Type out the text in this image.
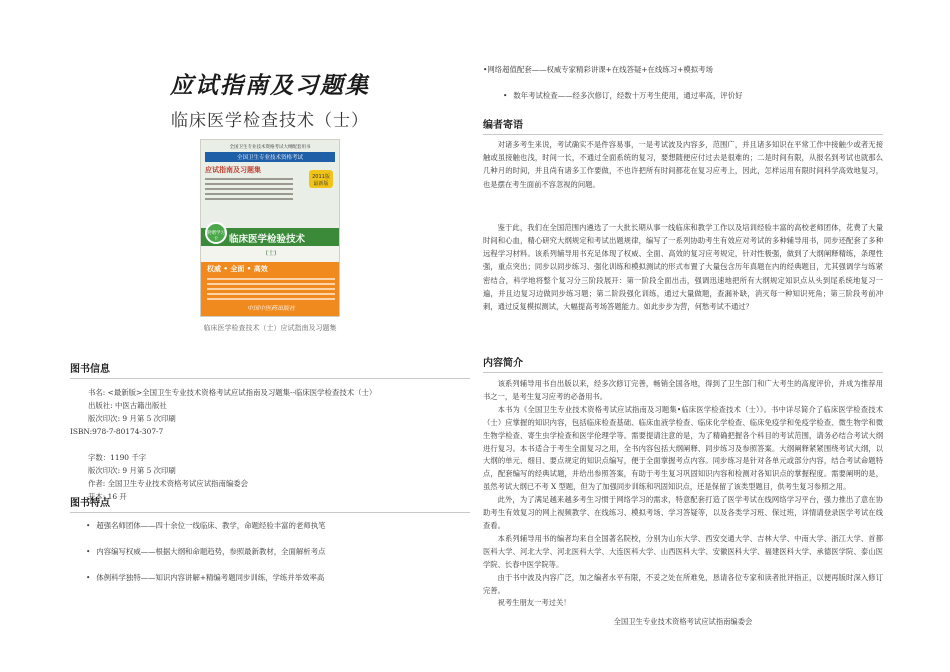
应试指南及习题集
临床医学检查技术（士）
全国卫生专业技术资格考试大纲配套用书
全国卫生专业技术资格考试
应试指南及习题集
2011版 最新版
附赠学习卡	临床医学检验技术
(士)
权威 • 全面 • 高效
中国中医药出版社
临床医学检查技术（士）应试指南及习题集
图书信息
书名: <最新版>全国卫生专业技术资格考试应试指南及习题集--临床医学检查技术（士）
出版社: 中医古籍出版社
版次印次: 9 月第 5 次印刷
ISBN:978-7-80174-307-7
字数：1190 千字
版次印次: 9 月第 5 次印刷
作者: 全国卫生专业技术资格考试应试指南编委会
开本: 16 开
图书特点
• 超强名师团体——四十余位一线临床、教学，命题经验丰富的老师执笔
• 内容编写权威——根据大纲和命题趋势，参照最新教材，全面解析考点
• 体例科学独特——知识内容讲解+精编考题同步训练，学练并举效率高
•网络超值配套——权威专家精彩讲课+在线答疑+在线练习+模拟考场
• 数年考试检查——经多次修订，经数十万考生使用，通过率高，评价好
编者寄语

对诸多考生来说，考试确实不是件容易事，一是考试波及内容多，范围广，并且诸多知识在平常工作中接触少或者无接触或虽接触也浅，时间一长，不通过全面系统的复习，要想随便应付过去是很难的；二是时间有限，从报名到考试也就那么几种月的时间，并且尚有诸多工作要做，不也许把所有时间都花在复习应考上，因此，怎样运用有限时间科学高效地复习，也是摆在考生面前不容忽视的问题。

鉴于此，我们在全国范围内遴选了一大批长期从事一线临床和教学工作以及培训经验丰富的高校老师团体，花费了大量时间和心血，精心研究大纲规定和考试出题规律，编写了一系列协助考生有效应对考试的多种辅导用书，同步还配套了多种远程学习材料。该系列辅导用书充足体现了权威、全面、高效的复习应考规定，针对性极强，做到了大纲阐释精练，条理性强，重点突出；同步以同步练习、强化训练和模拟测试的形式布置了大量包含历年真题在内的经典题目，尤其强调学与练紧密结合，科学地将整个复习分三阶段展开：第一阶段全面出击，强调迅速地把所有大纲规定知识点从头到尾系统地复习一遍，并且边复习边做同步练习题；第二阶段强化训练，通过大量做题，查漏补缺，消灭每一种知识死角；第三阶段考前冲刺，通过反复模拟测试，大幅提高考场答题能力。如此步步为营，何愁考试不通过？

内容简介

该系列辅导用书自出版以来，经多次修订完善，畅销全国各地，得到了卫生部门和广大考生的高度评价，并成为推荐用书之一，是考生复习应考的必备用书。

本书为《全国卫生专业技术资格考试应试指南及习题集•临床医学检查技术（士）》。书中详尽简介了临床医学检查技术（士）应掌握的知识内容，包括临床检查基础、临床血液学检查、临床化学检查、临床免疫学和免疫学检查、微生物学和微生物学检查、寄生虫学检查和医学伦理学等。需要提请注意的是，为了精确把握各个科目的考试范围，请务必结合考试大纲进行复习。本书适合于考生全面复习之用，全书内容包括大纲阐释、同步练习及参照答案。大纲阐释紧紧围绕考试大纲，以大纲的单元、细目、要点规定的知识点编写，便于全面掌握考点内容。同步练习是针对各单元或部分内容，结合考试命题特点，配套编写的经典试题，并给出参照答案，有助于考生复习巩固知识内容和检测对各知识点的掌握程度。需要阐明的是，虽然考试大纲已不考 X 型题，但为了加强同步训练和巩固知识点，还是保留了该类型题目，供考生复习参照之用。

此外，为了满足越来越多考生习惯于网络学习的需求，特意配套打造了医学考试在线网络学习平台，强力推出了意在协助考生有效复习的网上视频教学、在线练习、模拟考场、学习答疑等，以及各类学习班、保过班，详情请登录医学考试在线查看。

本系列辅导用书的编者均来自全国著名院校，分别为山东大学、西安交通大学、吉林大学、中南大学、浙江大学、首都医科大学、河北大学、河北医科大学、大连医科大学、山西医科大学、安徽医科大学、福建医科大学、承德医学院、泰山医学院、长春中医学院等。

由于书中波及内容广泛，加之编者水平有限，不妥之处在所难免，恳请各位专家和读者批评指正，以便再版时深入修订完善。

祝考生朋友一考过关！

全国卫生专业技术资格考试应试指南编委会
